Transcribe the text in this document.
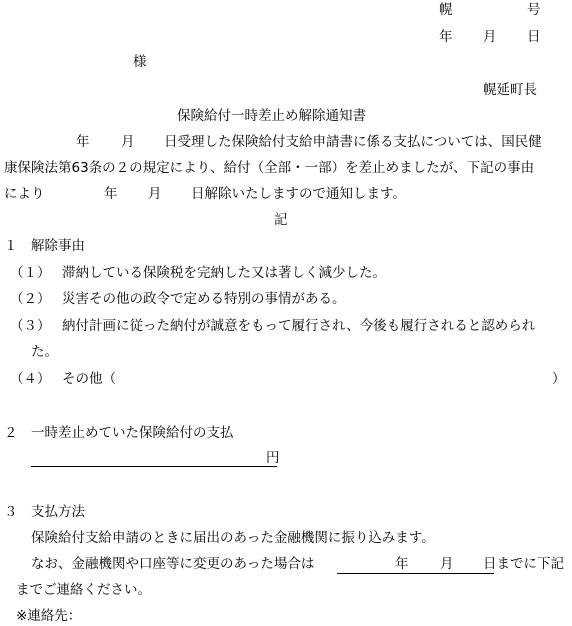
幌	号
年 月 日
様
幌延町長
保険給付一時差止め解除通知書
年 月 日受理した保険給付支給申請書に係る支払については、国民健
康保険法第63条の２の規定により、給付（全部・一部）を差止めましたが、下記の事由
により	年 月 日解除いたしますので通知します。
記
１ 解除事由
（１） 滞納している保険税を完納した又は著しく減少した。
（２） 災害その他の政令で定める特別の事情がある。
（３） 納付計画に従った納付が誠意をもって履行され、今後も履行されると認められ
た。
（４） その他（	）
２ 一時差止めていた保険給付の支払
円
３ 支払方法
保険給付支給申請のときに届出のあった金融機関に振り込みます。
なお、金融機関や口座等に変更のあった場合は	年 月 日までに下記
までご連絡ください。
※連絡先：
